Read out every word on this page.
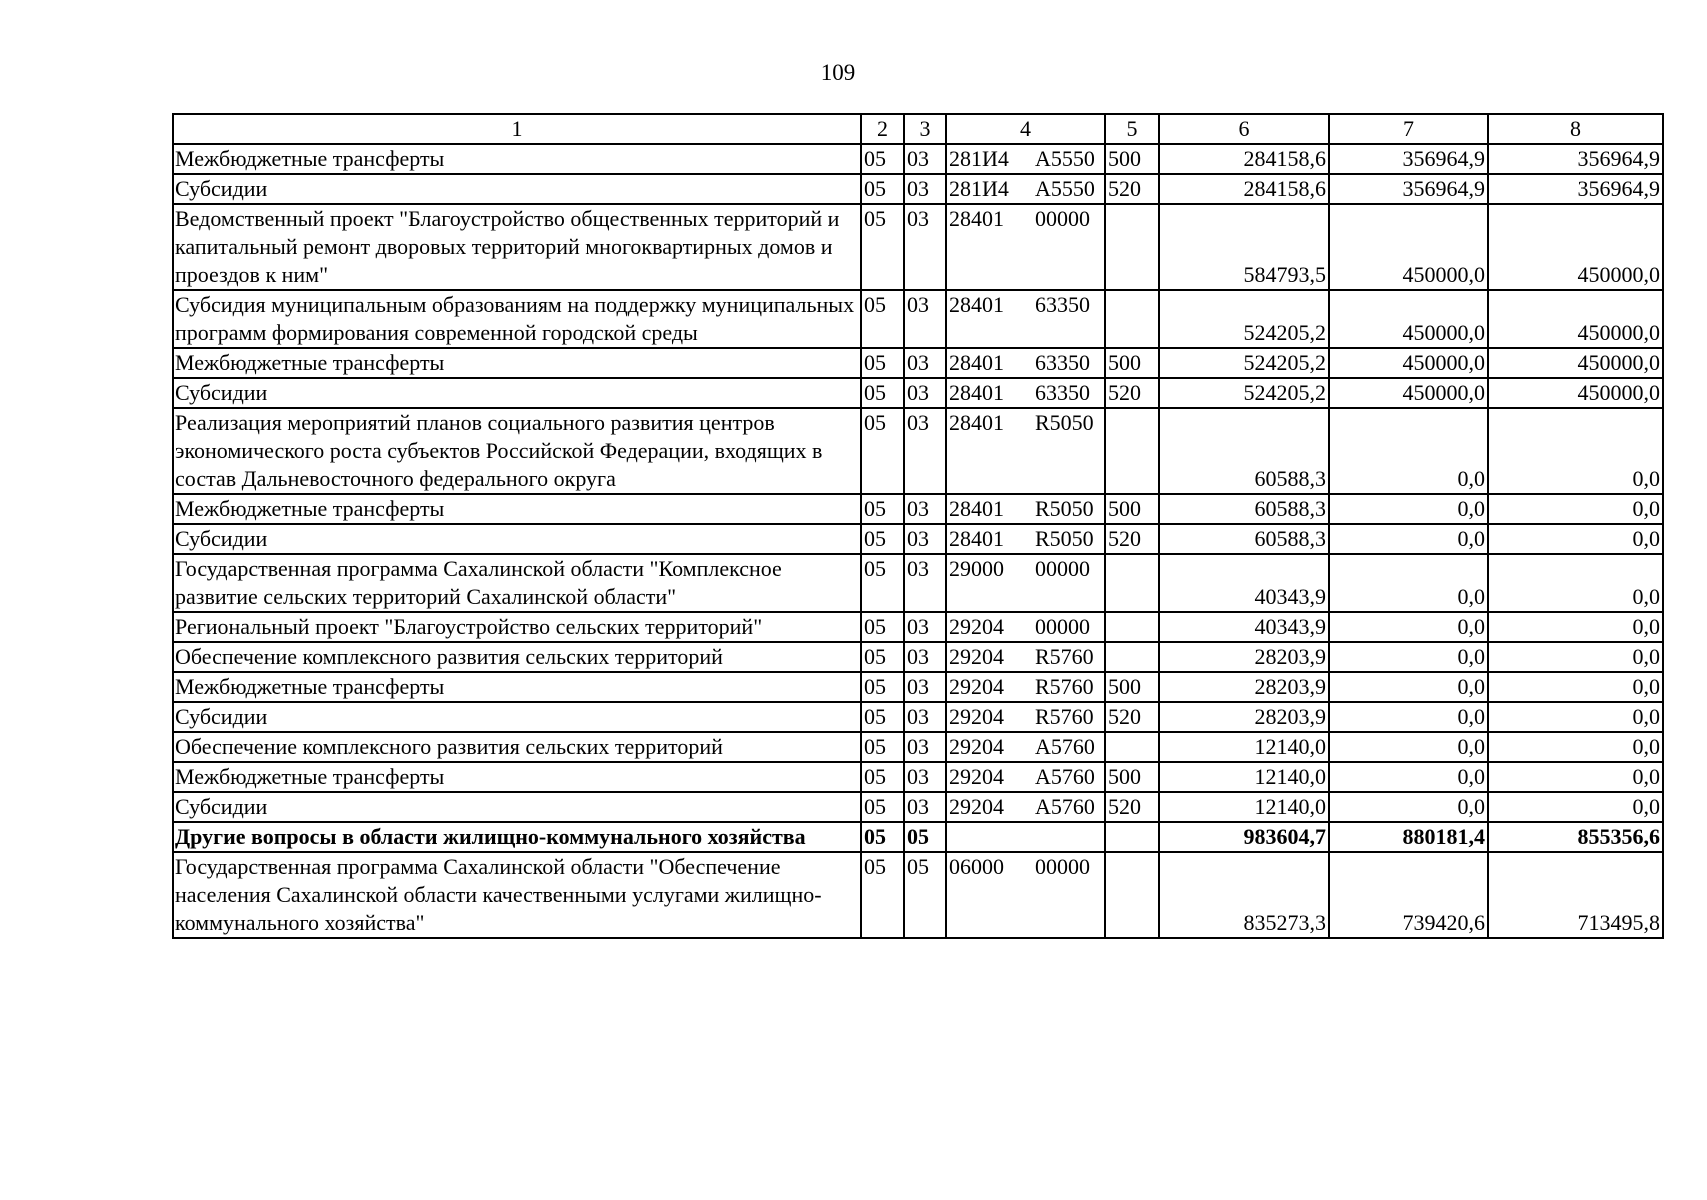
109
1	2	3	4	5	6	7	8
Межбюджетные трансферты	05	03	281И4 А5550	500	284158,6	356964,9	356964,9
Субсидии	05	03	281И4 А5550	520	284158,6	356964,9	356964,9
Ведомственный проект "Благоустройство общественных территорий и капитальный ремонт дворовых территорий многоквартирных домов и проездов к ним"	05	03	28401 00000		584793,5	450000,0	450000,0
Субсидия муниципальным образованиям на поддержку муниципальных программ формирования современной городской среды	05	03	28401 63350		524205,2	450000,0	450000,0
Межбюджетные трансферты	05	03	28401 63350	500	524205,2	450000,0	450000,0
Субсидии	05	03	28401 63350	520	524205,2	450000,0	450000,0
Реализация мероприятий планов социального развития центров экономического роста субъектов Российской Федерации, входящих в состав Дальневосточного федерального округа	05	03	28401 R5050		60588,3	0,0	0,0
Межбюджетные трансферты	05	03	28401 R5050	500	60588,3	0,0	0,0
Субсидии	05	03	28401 R5050	520	60588,3	0,0	0,0
Государственная программа Сахалинской области "Комплексное развитие сельских территорий Сахалинской области"	05	03	29000 00000		40343,9	0,0	0,0
Региональный проект "Благоустройство сельских территорий"	05	03	29204 00000		40343,9	0,0	0,0
Обеспечение комплексного развития сельских территорий	05	03	29204 R5760		28203,9	0,0	0,0
Межбюджетные трансферты	05	03	29204 R5760	500	28203,9	0,0	0,0
Субсидии	05	03	29204 R5760	520	28203,9	0,0	0,0
Обеспечение комплексного развития сельских территорий	05	03	29204 А5760		12140,0	0,0	0,0
Межбюджетные трансферты	05	03	29204 А5760	500	12140,0	0,0	0,0
Субсидии	05	03	29204 А5760	520	12140,0	0,0	0,0
Другие вопросы в области жилищно-коммунального хозяйства	05	05			983604,7	880181,4	855356,6
Государственная программа Сахалинской области "Обеспечение населения Сахалинской области качественными услугами жилищно-коммунального хозяйства"	05	05	06000 00000		835273,3	739420,6	713495,8
